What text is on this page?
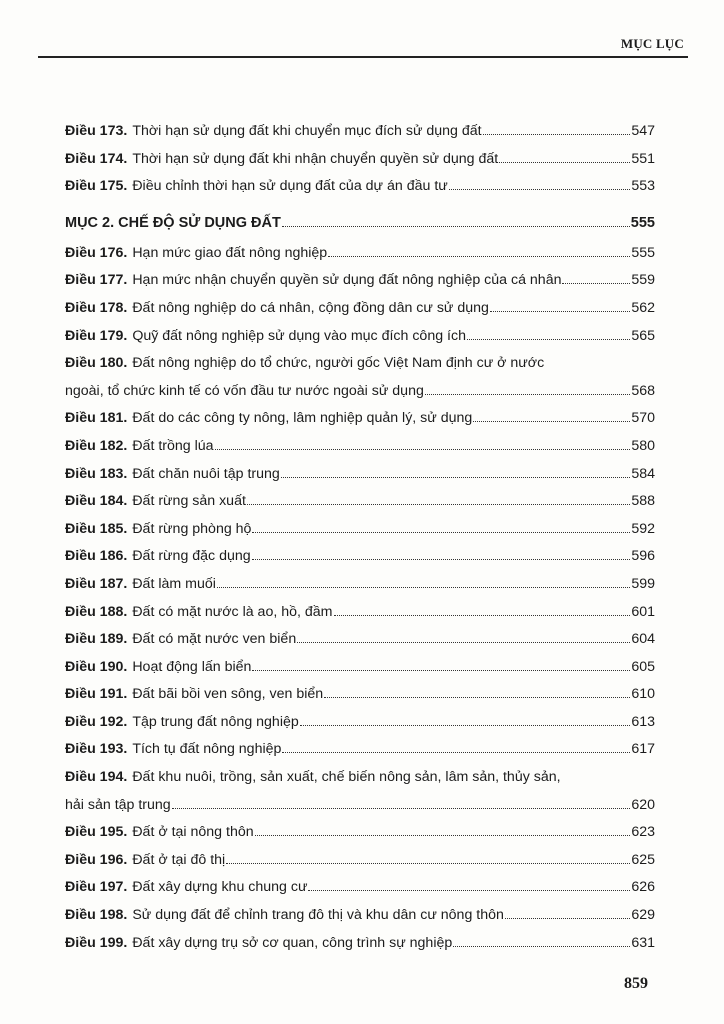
MỤC LỤC
Điều 173. Thời hạn sử dụng đất khi chuyển mục đích sử dụng đất	547
Điều 174. Thời hạn sử dụng đất khi nhận chuyển quyền sử dụng đất	551
Điều 175. Điều chỉnh thời hạn sử dụng đất của dự án đầu tư	553
MỤC 2. CHẾ ĐỘ SỬ DỤNG ĐẤT	555
Điều 176. Hạn mức giao đất nông nghiệp	555
Điều 177. Hạn mức nhận chuyển quyền sử dụng đất nông nghiệp của cá nhân	559
Điều 178. Đất nông nghiệp do cá nhân, cộng đồng dân cư sử dụng	562
Điều 179. Quỹ đất nông nghiệp sử dụng vào mục đích công ích	565
Điều 180. Đất nông nghiệp do tổ chức, người gốc Việt Nam định cư ở nước
ngoài, tổ chức kinh tế có vốn đầu tư nước ngoài sử dụng	568
Điều 181. Đất do các công ty nông, lâm nghiệp quản lý, sử dụng	570
Điều 182. Đất trồng lúa	580
Điều 183. Đất chăn nuôi tập trung	584
Điều 184. Đất rừng sản xuất	588
Điều 185. Đất rừng phòng hộ	592
Điều 186. Đất rừng đặc dụng	596
Điều 187. Đất làm muối	599
Điều 188. Đất có mặt nước là ao, hồ, đầm	601
Điều 189. Đất có mặt nước ven biển	604
Điều 190. Hoạt động lấn biển	605
Điều 191. Đất bãi bồi ven sông, ven biển	610
Điều 192. Tập trung đất nông nghiệp	613
Điều 193. Tích tụ đất nông nghiệp	617
Điều 194. Đất khu nuôi, trồng, sản xuất, chế biến nông sản, lâm sản, thủy sản,
hải sản tập trung	620
Điều 195. Đất ở tại nông thôn	623
Điều 196. Đất ở tại đô thị	625
Điều 197. Đất xây dựng khu chung cư	626
Điều 198. Sử dụng đất để chỉnh trang đô thị và khu dân cư nông thôn	629
Điều 199. Đất xây dựng trụ sở cơ quan, công trình sự nghiệp	631
859
